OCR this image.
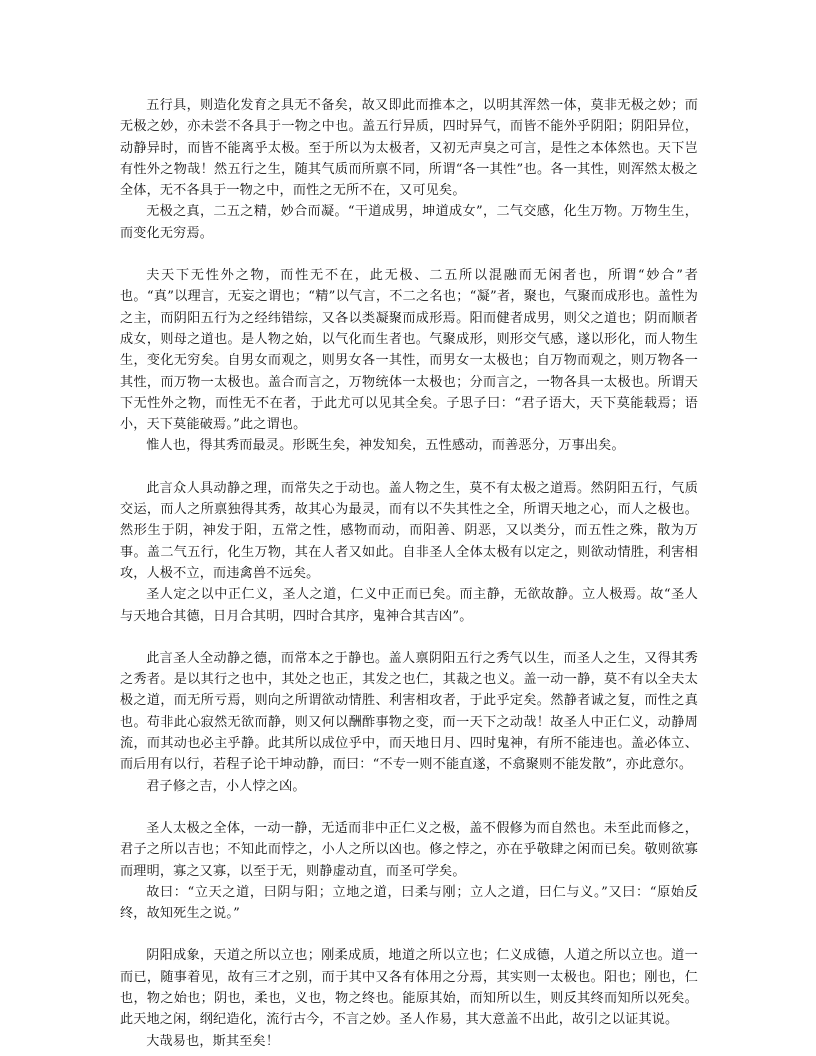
五行具，则造化发育之具无不备矣，故又即此而推本之，以明其浑然一体，莫非无极之妙；而无极之妙，亦未尝不各具于一物之中也。盖五行异质，四时异气，而皆不能外乎阴阳；阴阳异位，动静异时，而皆不能离乎太极。至于所以为太极者，又初无声臭之可言，是性之本体然也。天下岂有性外之物哉！然五行之生，随其气质而所禀不同，所谓“各一其性”也。各一其性，则浑然太极之全体，无不各具于一物之中，而性之无所不在，又可见矣。

无极之真，二五之精，妙合而凝。“干道成男，坤道成女”，二气交感，化生万物。万物生生，而变化无穷焉。

夫天下无性外之物，而性无不在，此无极、二五所以混融而无闲者也，所谓“妙合”者也。“真”以理言，无妄之谓也；“精”以气言，不二之名也；“凝”者，聚也，气聚而成形也。盖性为之主，而阴阳五行为之经纬错综，又各以类凝聚而成形焉。阳而健者成男，则父之道也；阴而顺者成女，则母之道也。是人物之始，以气化而生者也。气聚成形，则形交气感，遂以形化，而人物生生，变化无穷矣。自男女而观之，则男女各一其性，而男女一太极也；自万物而观之，则万物各一其性，而万物一太极也。盖合而言之，万物统体一太极也；分而言之，一物各具一太极也。所谓天下无性外之物，而性无不在者，于此尤可以见其全矣。子思子曰：“君子语大，天下莫能载焉；语小，天下莫能破焉。”此之谓也。

惟人也，得其秀而最灵。形既生矣，神发知矣，五性感动，而善恶分，万事出矣。

此言众人具动静之理，而常失之于动也。盖人物之生，莫不有太极之道焉。然阴阳五行，气质交运，而人之所禀独得其秀，故其心为最灵，而有以不失其性之全，所谓天地之心，而人之极也。然形生于阴，神发于阳，五常之性，感物而动，而阳善、阴恶，又以类分，而五性之殊，散为万事。盖二气五行，化生万物，其在人者又如此。自非圣人全体太极有以定之，则欲动情胜，利害相攻，人极不立，而违禽兽不远矣。

圣人定之以中正仁义，圣人之道，仁义中正而已矣。而主静，无欲故静。立人极焉。故“圣人与天地合其德，日月合其明，四时合其序，鬼神合其吉凶”。

此言圣人全动静之德，而常本之于静也。盖人禀阴阳五行之秀气以生，而圣人之生，又得其秀之秀者。是以其行之也中，其处之也正，其发之也仁，其裁之也义。盖一动一静，莫不有以全夫太极之道，而无所亏焉，则向之所谓欲动情胜、利害相攻者，于此乎定矣。然静者诚之复，而性之真也。苟非此心寂然无欲而静，则又何以酬酢事物之变，而一天下之动哉！故圣人中正仁义，动静周流，而其动也必主乎静。此其所以成位乎中，而天地日月、四时鬼神，有所不能违也。盖必体立、而后用有以行，若程子论干坤动静，而曰：“不专一则不能直遂，不翕聚则不能发散”，亦此意尔。

君子修之吉，小人悖之凶。

圣人太极之全体，一动一静，无适而非中正仁义之极，盖不假修为而自然也。未至此而修之，君子之所以吉也；不知此而悖之，小人之所以凶也。修之悖之，亦在乎敬肆之闲而已矣。敬则欲寡而理明，寡之又寡，以至于无，则静虚动直，而圣可学矣。

故曰：“立天之道，曰阴与阳；立地之道，曰柔与刚；立人之道，曰仁与义。”又曰：“原始反终，故知死生之说。”

阴阳成象，天道之所以立也；刚柔成质，地道之所以立也；仁义成德，人道之所以立也。道一而已，随事着见，故有三才之别，而于其中又各有体用之分焉，其实则一太极也。阳也；刚也，仁也，物之始也；阴也，柔也，义也，物之终也。能原其始，而知所以生，则反其终而知所以死矣。此天地之闲，纲纪造化，流行古今，不言之妙。圣人作易，其大意盖不出此，故引之以证其说。

大哉易也，斯其至矣！
